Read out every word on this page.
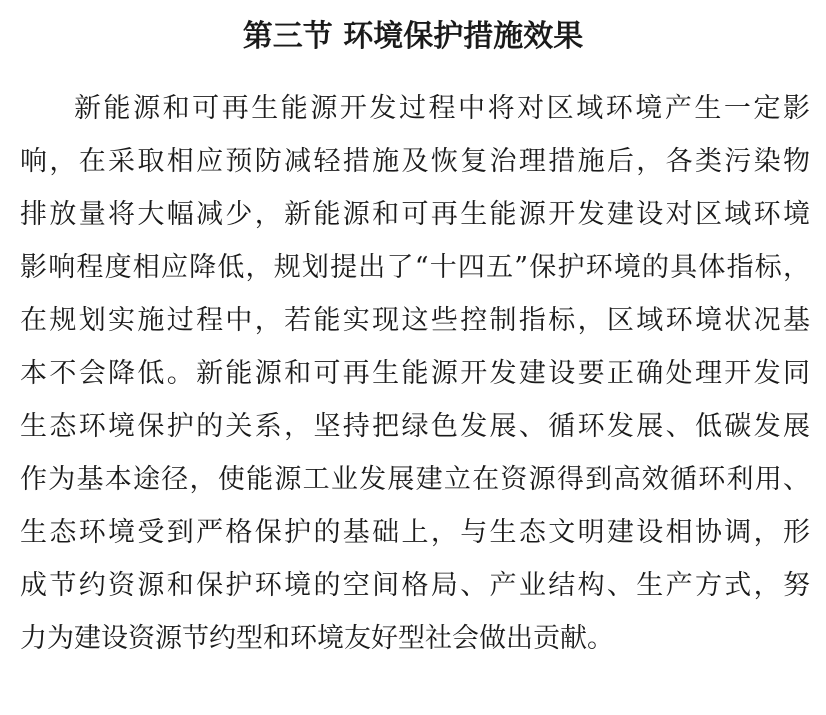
第三节 环境保护措施效果
新能源和可再生能源开发过程中将对区域环境产生一定影
响，在采取相应预防减轻措施及恢复治理措施后，各类污染物
排放量将大幅减少，新能源和可再生能源开发建设对区域环境
影响程度相应降低，规划提出了“十四五”保护环境的具体指标，
在规划实施过程中，若能实现这些控制指标，区域环境状况基
本不会降低。新能源和可再生能源开发建设要正确处理开发同
生态环境保护的关系，坚持把绿色发展、循环发展、低碳发展
作为基本途径，使能源工业发展建立在资源得到高效循环利用、
生态环境受到严格保护的基础上，与生态文明建设相协调，形
成节约资源和保护环境的空间格局、产业结构、生产方式，努
力为建设资源节约型和环境友好型社会做出贡献。
